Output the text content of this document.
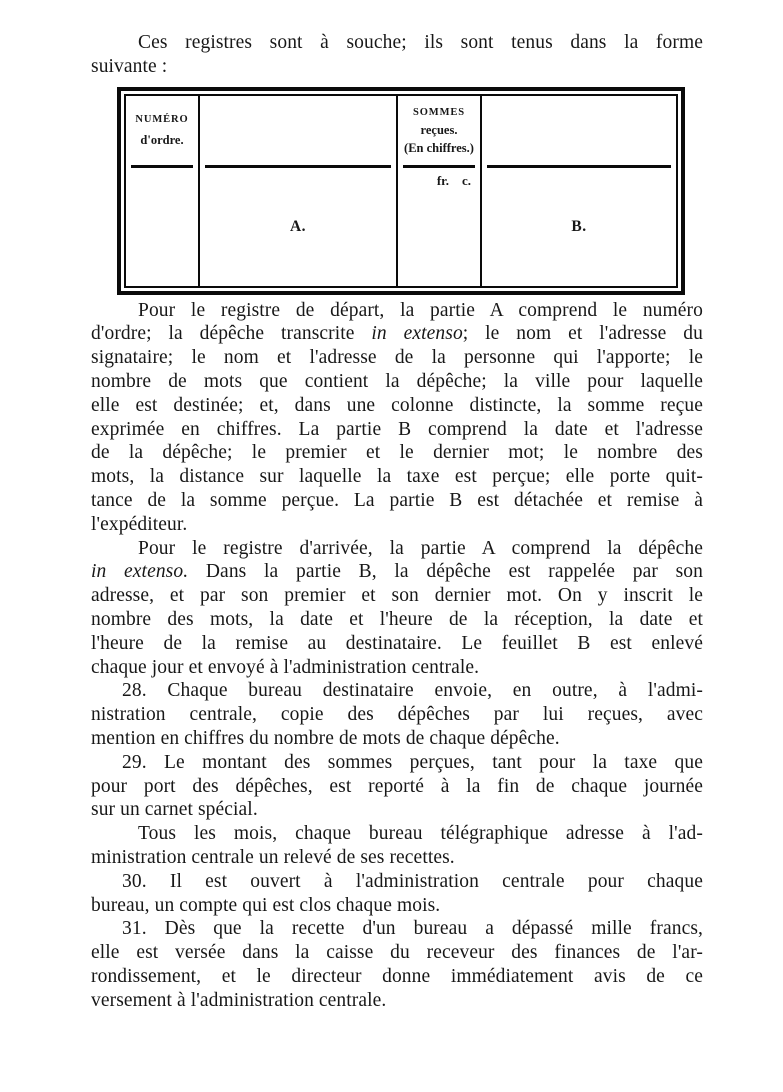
Ces registres sont à souche; ils sont tenus dans la forme
suivante :
NUMÉRO
d'ordre.
A.
SOMMES
reçues.
(En chiffres.)
fr. c.
B.
Pour le registre de départ, la partie A comprend le numéro
d'ordre; la dépêche transcrite in extenso; le nom et l'adresse du
signataire; le nom et l'adresse de la personne qui l'apporte; le
nombre de mots que contient la dépêche; la ville pour laquelle
elle est destinée; et, dans une colonne distincte, la somme reçue
exprimée en chiffres. La partie B comprend la date et l'adresse
de la dépêche; le premier et le dernier mot; le nombre des
mots, la distance sur laquelle la taxe est perçue; elle porte quit-
tance de la somme perçue. La partie B est détachée et remise à
l'expéditeur.
Pour le registre d'arrivée, la partie A comprend la dépêche
in extenso. Dans la partie B, la dépêche est rappelée par son
adresse, et par son premier et son dernier mot. On y inscrit le
nombre des mots, la date et l'heure de la réception, la date et
l'heure de la remise au destinataire. Le feuillet B est enlevé
chaque jour et envoyé à l'administration centrale.
28. Chaque bureau destinataire envoie, en outre, à l'admi-
nistration centrale, copie des dépêches par lui reçues, avec
mention en chiffres du nombre de mots de chaque dépêche.
29. Le montant des sommes perçues, tant pour la taxe que
pour port des dépêches, est reporté à la fin de chaque journée
sur un carnet spécial.
Tous les mois, chaque bureau télégraphique adresse à l'ad-
ministration centrale un relevé de ses recettes.
30. Il est ouvert à l'administration centrale pour chaque
bureau, un compte qui est clos chaque mois.
31. Dès que la recette d'un bureau a dépassé mille francs,
elle est versée dans la caisse du receveur des finances de l'ar-
rondissement, et le directeur donne immédiatement avis de ce
versement à l'administration centrale.
